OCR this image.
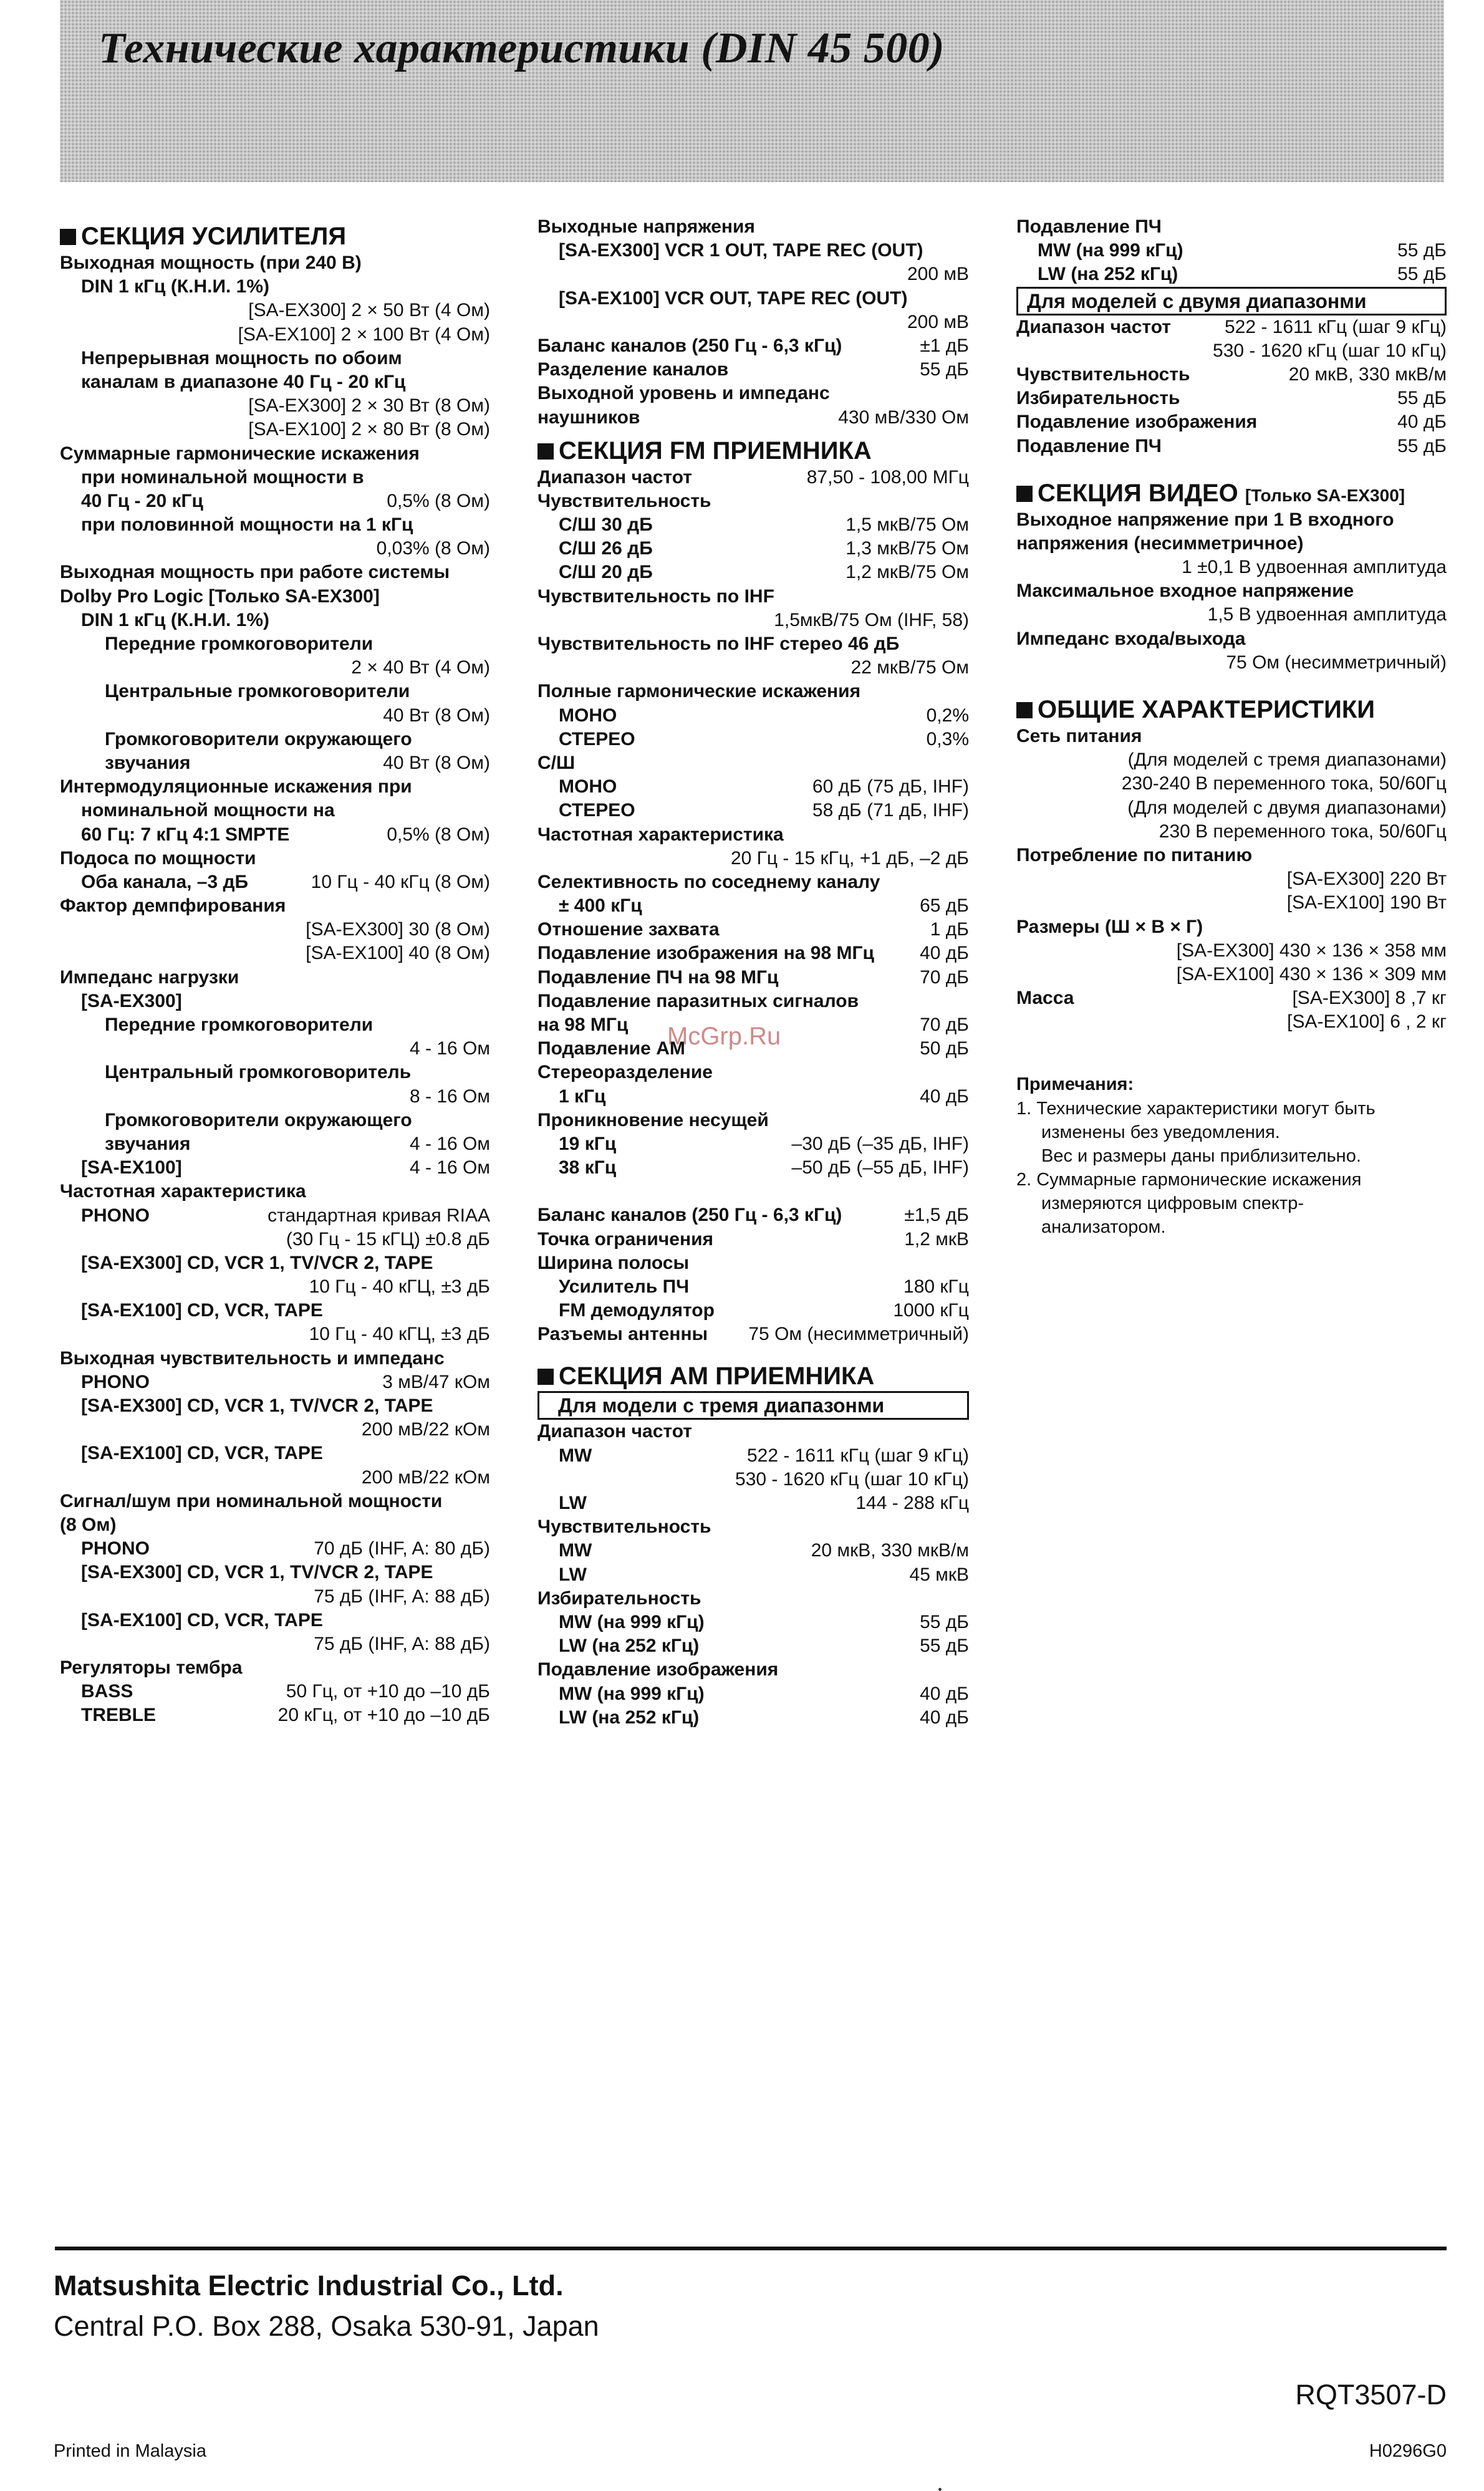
Технические характеристики (DIN 45 500)
СЕКЦИЯ УСИЛИТЕЛЯ
Выходная мощность (при 240 В)
DIN 1 кГц (К.Н.И. 1%)
[SA-EX300] 2 × 50 Вт (4 Ом)
[SA-EX100] 2 × 100 Вт (4 Ом)
Непрерывная мощность по обоим
каналам в диапазоне 40 Гц - 20 кГц
[SA-EX300] 2 × 30 Вт (8 Ом)
[SA-EX100] 2 × 80 Вт (8 Ом)
Суммарные гармонические искажения
при номинальной мощности в
40 Гц - 20 кГц	0,5% (8 Ом)
при половинной мощности на 1 кГц
0,03% (8 Ом)
Выходная мощность при работе системы
Dolby Pro Logic [Только SA-EX300]
DIN 1 кГц (К.Н.И. 1%)
Передние громкоговорители
2 × 40 Вт (4 Ом)
Центральные громкоговорители
40 Вт (8 Ом)
Громкоговорители окружающего
звучания	40 Вт (8 Ом)
Интермодуляционные искажения при
номинальной мощности на
60 Гц: 7 кГц 4:1 SMPTE	0,5% (8 Ом)
Подоса по мощности
Оба канала, –3 дБ	10 Гц - 40 кГц (8 Ом)
Фактор демпфирования
[SA-EX300] 30 (8 Ом)
[SA-EX100] 40 (8 Ом)
Импеданс нагрузки
[SA-EX300]
Передние громкоговорители
4 - 16 Ом
Центральный громкоговоритель
8 - 16 Ом
Громкоговорители окружающего
звучания	4 - 16 Ом
[SA-EX100]	4 - 16 Ом
Частотная характеристика
PHONO	стандартная кривая RIAA
(30 Гц - 15 кГЦ) ±0.8 дБ
[SA-EX300] CD, VCR 1, TV/VCR 2, TAPE
10 Гц - 40 кГЦ, ±3 дБ
[SA-EX100] CD, VCR, TAPE
10 Гц - 40 кГЦ, ±3 дБ
Выходная чувствительность и импеданс
PHONO	3 мВ/47 кОм
[SA-EX300] CD, VCR 1, TV/VCR 2, TAPE
200 мВ/22 кОм
[SA-EX100] CD, VCR, TAPE
200 мВ/22 кОм
Сигнал/шум при номинальной мощности
(8 Ом)
PHONO	70 дБ (IHF, A: 80 дБ)
[SA-EX300] CD, VCR 1, TV/VCR 2, TAPE
75 дБ (IHF, A: 88 дБ)
[SA-EX100] CD, VCR, TAPE
75 дБ (IHF, A: 88 дБ)
Регуляторы тембра
BASS	50 Гц, от +10 до –10 дБ
TREBLE	20 кГц, от +10 до –10 дБ
Выходные напряжения
[SA-EX300] VCR 1 OUT, TAPE REC (OUT)
200 мВ
[SA-EX100] VCR OUT, TAPE REC (OUT)
200 мВ
Баланс каналов (250 Гц - 6,3 кГц)	±1 дБ
Разделение каналов	55 дБ
Выходной уровень и импеданс
наушников	430 мВ/330 Ом
СЕКЦИЯ FM ПРИЕМНИКА
Диапазон частот	87,50 - 108,00 МГц
Чувствительность
С/Ш 30 дБ	1,5 мкВ/75 Ом
С/Ш 26 дБ	1,3 мкВ/75 Ом
С/Ш 20 дБ	1,2 мкВ/75 Ом
Чувствительность по IHF
1,5мкВ/75 Ом (IHF, 58)
Чувствительность по IHF стерео 46 дБ
22 мкВ/75 Ом
Полные гармонические искажения
МОНО	0,2%
СТЕРЕО	0,3%
С/Ш
МОНО	60 дБ (75 дБ, IHF)
СТЕРЕО	58 дБ (71 дБ, IHF)
Частотная характеристика
20 Гц - 15 кГц, +1 дБ, –2 дБ
Селективность по соседнему каналу
± 400 кГц	65 дБ
Отношение захвата	1 дБ
Подавление изображения на 98 МГц 40 дБ
Подавление ПЧ на 98 МГц	70 дБ
Подавление паразитных сигналов
на 98 МГц	70 дБ
Подавление AM	50 дБ
Стереоразделение
1 кГц	40 дБ
Проникновение несущей
19 кГц	–30 дБ (–35 дБ, IHF)
38 кГц	–50 дБ (–55 дБ, IHF)
Баланс каналов (250 Гц - 6,3 кГц)	±1,5 дБ
Точка ограничения	1,2 мкВ
Ширина полосы
Усилитель ПЧ	180 кГц
FM демодулятор	1000 кГц
Разъемы антенны 75 Ом (несимметричный)
СЕКЦИЯ AM ПРИЕМНИКА
Для модели с тремя диапазонми
Диапазон частот
MW	522 - 1611 кГц (шаг 9 кГц)
530 - 1620 кГц (шаг 10 кГц)
LW	144 - 288 кГц
Чувствительность
MW	20 мкВ, 330 мкВ/м
LW	45 мкВ
Избирательность
MW (на 999 кГц)	55 дБ
LW (на 252 кГц)	55 дБ
Подавление изображения
MW (на 999 кГц)	40 дБ
LW (на 252 кГц)	40 дБ
Подавление ПЧ
MW (на 999 кГц)	55 дБ
LW (на 252 кГц)	55 дБ
Для моделей с двумя диапазонми
Диапазон частот	522 - 1611 кГц (шаг 9 кГц)
530 - 1620 кГц (шаг 10 кГц)
Чувствительность	20 мкВ, 330 мкВ/м
Избирательность	55 дБ
Подавление изображения	40 дБ
Подавление ПЧ	55 дБ
СЕКЦИЯ ВИДЕО [Только SA-EX300]
Выходное напряжение при 1 В входного
напряжения (несимметричное)
1 ±0,1 В удвоенная амплитуда
Максимальное входное напряжение
1,5 В удвоенная амплитуда
Импеданс входа/выхода
75 Ом (несимметричный)
ОБЩИЕ ХАРАКТЕРИСТИКИ
Сеть питания
(Для моделей с тремя диапазонами)
230-240 В переменного тока, 50/60Гц
(Для моделей с двумя диапазонами)
230 В переменного тока, 50/60Гц
Потребление по питанию
[SA-EX300] 220 Вт
[SA-EX100] 190 Вт
Размеры (Ш × В × Г)
[SA-EX300] 430 × 136 × 358 мм
[SA-EX100] 430 × 136 × 309 мм
Масса	[SA-EX300] 8 ,7 кг
[SA-EX100] 6 , 2 кг
Примечания:
1. Технические характеристики могут быть
изменены без уведомления.
Вес и размеры даны приблизительно.
2. Суммарные гармонические искажения
измеряются цифровым спектр-
анализатором.
McGrp.Ru
Matsushita Electric Industrial Co., Ltd.
Central P.O. Box 288, Osaka 530-91, Japan
RQT3507-D
Printed in Malaysia	H0296G0
